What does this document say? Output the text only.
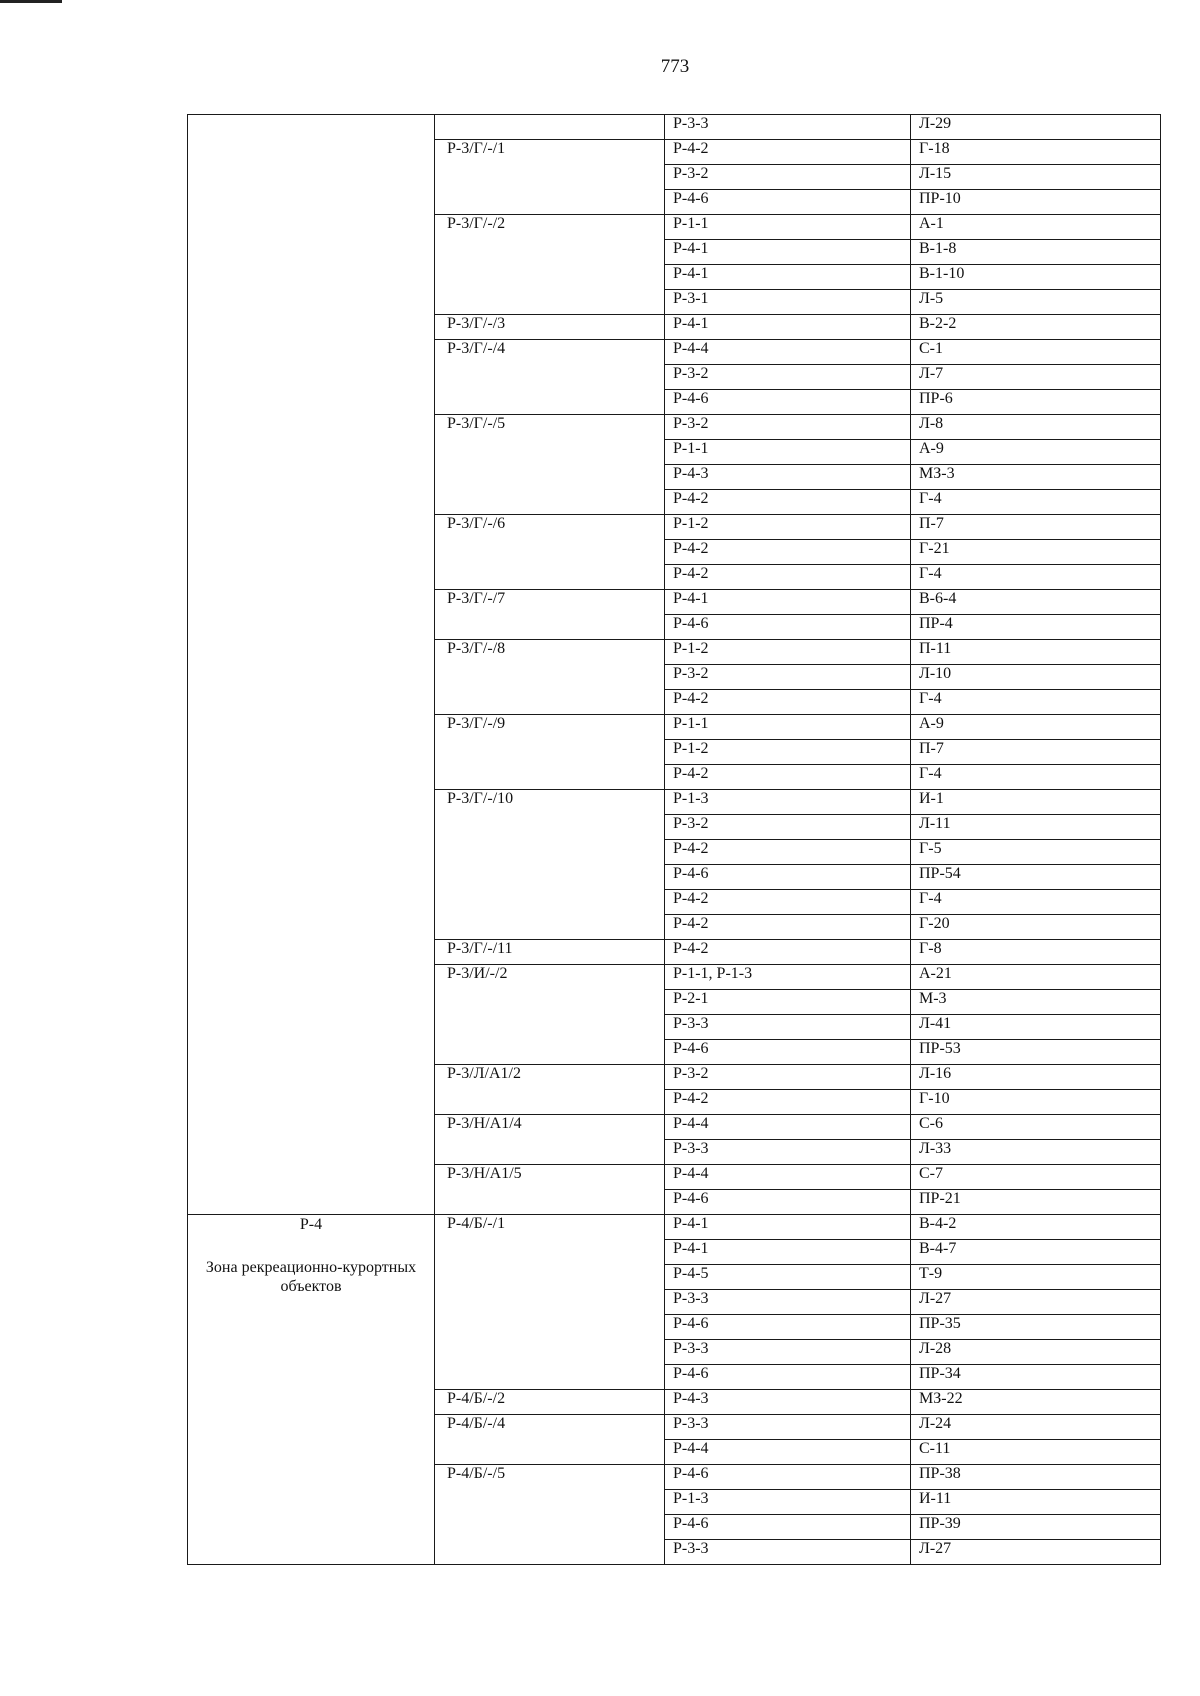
773
		Р-3-3	Л-29
	Р-3/Г/-/1	Р-4-2	Г-18
		Р-3-2	Л-15
		Р-4-6	ПР-10
	Р-3/Г/-/2	Р-1-1	А-1
		Р-4-1	В-1-8
		Р-4-1	В-1-10
		Р-3-1	Л-5
	Р-3/Г/-/3	Р-4-1	В-2-2
	Р-3/Г/-/4	Р-4-4	С-1
		Р-3-2	Л-7
		Р-4-6	ПР-6
	Р-3/Г/-/5	Р-3-2	Л-8
		Р-1-1	А-9
		Р-4-3	МЗ-3
		Р-4-2	Г-4
	Р-3/Г/-/6	Р-1-2	П-7
		Р-4-2	Г-21
		Р-4-2	Г-4
	Р-3/Г/-/7	Р-4-1	В-6-4
		Р-4-6	ПР-4
	Р-3/Г/-/8	Р-1-2	П-11
		Р-3-2	Л-10
		Р-4-2	Г-4
	Р-3/Г/-/9	Р-1-1	А-9
		Р-1-2	П-7
		Р-4-2	Г-4
	Р-3/Г/-/10	Р-1-3	И-1
		Р-3-2	Л-11
		Р-4-2	Г-5
		Р-4-6	ПР-54
		Р-4-2	Г-4
		Р-4-2	Г-20
	Р-3/Г/-/11	Р-4-2	Г-8
	Р-3/И/-/2	Р-1-1, Р-1-3	А-21
		Р-2-1	М-3
		Р-3-3	Л-41
		Р-4-6	ПР-53
	Р-3/Л/А1/2	Р-3-2	Л-16
		Р-4-2	Г-10
	Р-3/Н/А1/4	Р-4-4	С-6
		Р-3-3	Л-33
	Р-3/Н/А1/5	Р-4-4	С-7
		Р-4-6	ПР-21

Р-4
Зона рекреационно-курортных объектов	Р-4/Б/-/1	Р-4-1	В-4-2
		Р-4-1	В-4-7
		Р-4-5	Т-9
		Р-3-3	Л-27
		Р-4-6	ПР-35
		Р-3-3	Л-28
		Р-4-6	ПР-34
	Р-4/Б/-/2	Р-4-3	МЗ-22
	Р-4/Б/-/4	Р-3-3	Л-24
		Р-4-4	С-11
	Р-4/Б/-/5	Р-4-6	ПР-38
		Р-1-3	И-11
		Р-4-6	ПР-39
		Р-3-3	Л-27
